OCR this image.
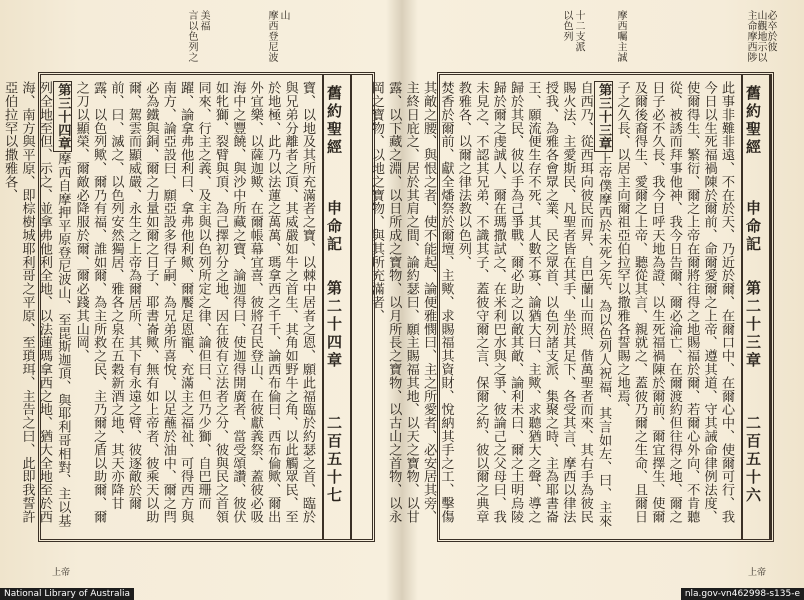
摩西登尼波 山
言以色列之 美福
舊約聖經
申命記
第二十四章
二百五十七

寶、以地及其所充滿者之寶、以棘中居者之恩、願此福臨於約瑟之首、臨於與兄弟分離者之頂、其威嚴如牛之首生、其角如野牛之角、以此觸眾民、至於地極、此乃以法蓮之萬萬、瑪拿西之千千、論西布倫曰、西布倫歟、爾出外宜樂、以薩迦歟、在爾帳幕宜喜、彼將召民登山、在彼獻義祭、蓋彼必吸海中之豐饒、與沙中所藏之寶、論迦得曰、使迦得開廣者、當受頌讚、彼伏如牝獅、裂臂與頂、為己擇初分之地、因在彼有立法者之分、彼與民之首領同來、行主之義、及主與以色列所定之律、論但曰、但乃少獅、自巴珊而躍、論拿弗他利曰、拿弗他利歟、爾饜足恩寵、充滿主之福祉、可得西方與南方、論亞設曰、願亞設多得子嗣、為兄弟所喜悅、以足蘸於油中、爾之閂必為鐵與銅、爾之力量如爾之日子、耶書崙歟、無有如上帝者、彼乘天以助爾、駕雲而顯威嚴、永生之上帝為爾居所、其下有永遠之臂、彼逐敵於爾前、曰、滅之、以色列安然獨居、雅各之泉在五穀新酒之地、其天亦降甘露、以色列歟、爾乃有福、誰如爾、為主所救之民、主乃爾之盾以助爾、爾之刀以顯榮、爾敵必降服於爾、爾必踐其山岡、

第三十四章摩西自摩押平原登尼波山、至毘斯迦頂、與耶利哥相對、主以基列全地至但、示之、並拿弗他利全地、以法蓮瑪拿西之地、猶大全地至於西海、南方與平原、即棕樹城耶利哥之平原、至瑣珥、主告之曰、此即我誓許亞伯拉罕以撒雅各、

上帝
主命摩西陟 山觀地示以 必卒於彼
摩西囑主誠
十二支派
以色列
舊約聖經
申命記
第二十三章
二百五十六

此事非難非遠、不在於天、乃近於爾、在爾口中、在爾心中、使爾可行、我今日以生死福禍陳於爾前、命爾愛爾之上帝、遵其道、守其誡命律例法度、使爾得生、繁衍、爾之上帝在爾將往得之地賜福於爾、若爾心外向、不肯聽從、被誘而拜事他神、我今日告爾、爾必淪亡、在爾渡約但往得之地、爾之日子必不久長、我今日呼天地為證、以生死福禍陳於爾前、爾宜擇生、使爾及爾後裔得生、愛爾之上帝、聽從其言、親就之、蓋彼乃爾之生命、且爾日子之久長、以居主向爾祖亞伯拉罕以撒雅各誓賜之地焉、

第三十三章上帝僕摩西於未死之先、為以色列人祝福、其言如左、曰、主來自西乃、從西珥向彼民而昇、自巴蘭山而照、偕萬聖者而來、其右手為彼民賜火法、主愛斯民、凡聖者皆在其手、坐於其足下、各受其言、摩西以律法授我、為雅各會眾之業、民之眾首、以色列諸支派、集聚之時、主為耶書崙王、願流便生存不死、其人數不寡、論猶大曰、主歟、求聽猶大之聲、導之歸於其民、彼以手為己爭戰、爾必助之以敵其敵、論利未曰、爾之土明烏陵歸於爾之虔誠人、爾在瑪撒試之、在米利巴水與之爭、彼論己之父母曰、我未見之、不認其兄弟、不識其子、蓋彼守爾之言、保爾之約、彼以爾之典章教雅各、以爾之律法教以色列、

焚香於爾前、獻全燔祭於爾壇、主歟、求賜福其資財、悅納其手之工、擊傷其敵之腰、與恨之者、使不能起、論便雅憫曰、主之所愛者、必安居其旁、主終日庇之、居於其肩之間、論約瑟曰、願主賜福其地、以天之寶物、以甘露、以下藏之淵、以日所成之寶物、以月所長之寶物、以古山之首物、以永岡之寶物、以地之寶物、與其所充滿者、

上帝
National Library of Australia	nla.gov-vn462998-s135-e
